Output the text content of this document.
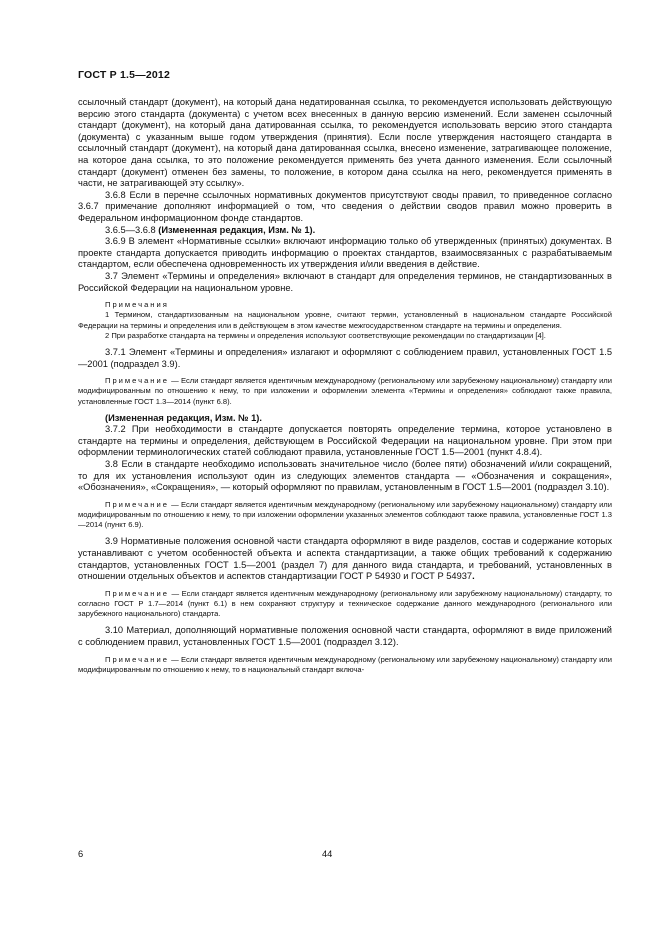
ГОСТ Р 1.5—2012

ссылочный стандарт (документ), на который дана недатированная ссылка, то рекомендуется использовать действующую версию этого стандарта (документа) с учетом всех внесенных в данную версию изменений. Если заменен ссылочный стандарт (документ), на который дана датированная ссылка, то рекомендуется использовать версию этого стандарта (документа) с указанным выше годом утверждения (принятия). Если после утверждения настоящего стандарта в ссылочный стандарт (документ), на который дана датированная ссылка, внесено изменение, затрагивающее положение, на которое дана ссылка, то это положение рекомендуется применять без учета данного изменения. Если ссылочный стандарт (документ) отменен без замены, то положение, в котором дана ссылка на него, рекомендуется применять в части, не затрагивающей эту ссылку».

3.6.8 Если в перечне ссылочных нормативных документов присутствуют своды правил, то приведенное согласно 3.6.7 примечание дополняют информацией о том, что сведения о действии сводов правил можно проверить в Федеральном информационном фонде стандартов.

3.6.5—3.6.8 (Измененная редакция, Изм. № 1).

3.6.9 В элемент «Нормативные ссылки» включают информацию только об утвержденных (принятых) документах. В проекте стандарта допускается приводить информацию о проектах стандартов, взаимосвязанных с разрабатываемым стандартом, если обеспечена одновременность их утверждения и/или введения в действие.

3.7 Элемент «Термины и определения» включают в стандарт для определения терминов, не стандартизованных в Российской Федерации на национальном уровне.

Примечания

1 Термином, стандартизованным на национальном уровне, считают термин, установленный в национальном стандарте Российской Федерации на термины и определения или в действующем в этом качестве межгосударственном стандарте на термины и определения.

2 При разработке стандарта на термины и определения используют соответствующие рекомендации по стандартизации [4].

3.7.1 Элемент «Термины и определения» излагают и оформляют с соблюдением правил, установленных ГОСТ 1.5—2001 (подраздел 3.9).

Примечание — Если стандарт является идентичным международному (региональному или зарубежному национальному) стандарту или модифицированным по отношению к нему, то при изложении и оформлении элемента «Термины и определения» соблюдают также правила, установленные ГОСТ 1.3—2014 (пункт 6.8).

(Измененная редакция, Изм. № 1).

3.7.2 При необходимости в стандарте допускается повторять определение термина, которое установлено в стандарте на термины и определения, действующем в Российской Федерации на национальном уровне. При этом при оформлении терминологических статей соблюдают правила, установленные ГОСТ 1.5—2001 (пункт 4.8.4).

3.8 Если в стандарте необходимо использовать значительное число (более пяти) обозначений и/или сокращений, то для их установления используют один из следующих элементов стандарта — «Обозначения и сокращения», «Обозначения», «Сокращения», — который оформляют по правилам, установленным в ГОСТ 1.5—2001 (подраздел 3.10).

Примечание — Если стандарт является идентичным международному (региональному или зарубежному национальному) стандарту или модифицированным по отношению к нему, то при изложении оформлении указанных элементов соблюдают также правила, установленные ГОСТ 1.3—2014 (пункт 6.9).

3.9 Нормативные положения основной части стандарта оформляют в виде разделов, состав и содержание которых устанавливают с учетом особенностей объекта и аспекта стандартизации, а также общих требований к содержанию стандартов, установленных ГОСТ 1.5—2001 (раздел 7) для данного вида стандарта, и требований, установленных в отношении отдельных объектов и аспектов стандартизации ГОСТ Р 54930 и ГОСТ Р 54937.

Примечание — Если стандарт является идентичным международному (региональному или зарубежному национальному) стандарту, то согласно ГОСТ Р 1.7—2014 (пункт 6.1) в нем сохраняют структуру и техническое содержание данного международного (регионального или зарубежного национального) стандарта.

3.10 Материал, дополняющий нормативные положения основной части стандарта, оформляют в виде приложений с соблюдением правил, установленных ГОСТ 1.5—2001 (подраздел 3.12).

Примечание — Если стандарт является идентичным международному (региональному или зарубежному национальному) стандарту или модифицированным по отношению к нему, то в национальный стандарт включа-

6	44
